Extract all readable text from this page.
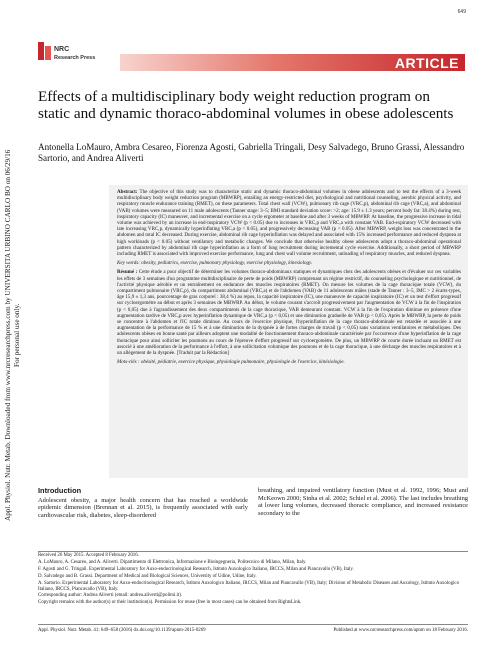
Appl. Physiol. Nutr. Metab. Downloaded from www.nrcresearchpress.com by UNIVERSITA URBINO CARLO BO on 06/29/16 For personal use only.
649
NRC
Research Press	ARTICLE
Effects of a multidisciplinary body weight reduction program on static and dynamic thoraco-abdominal volumes in obese adolescents
Antonella LoMauro, Ambra Cesareo, Fiorenza Agosti, Gabriella Tringali, Desy Salvadego, Bruno Grassi, Alessandro Sartorio, and Andrea Aliverti

Abstract: The objective of this study was to characterize static and dynamic thoraco-abdominal volumes in obese adolescents and to test the effects of a 3-week multidisciplinary body weight reduction program (MBWRP), entailing an energy-restricted diet, psychological and nutritional counseling, aerobic physical activity, and respiratory muscle endurance training (RMET), on these parameters. Total chest wall (VCW), pulmonary rib cage (VRC,p), abdominal rib cage (VRC,a), and abdominal (VAB) volumes were measured on 11 male adolescents (Tanner stage: 3–5; BMI standard deviation score: >2; age: 15.9 ± 1.3 years; percent body fat: 38.4%) during rest, inspiratory capacity (IC) maneuver, and incremental exercise on a cycle ergometer at baseline and after 3 weeks of MBWRP. At baseline, the progressive increase in tidal volume was achieved by an increase in end-inspiratory VCW (p < 0.05) due to increases in VRC,p and VRC,a with constant VAB. End-expiratory VCW decreased with late increasing VRC,p, dynamically hyperinflating VRC,a (p < 0.05), and progressively decreasing VAB (p < 0.05). After MBWRP, weight loss was concentrated in the abdomen and total IC decreased. During exercise, abdominal rib cage hyperinflation was delayed and associated with 15% increased performance and reduced dyspnea at high workloads (p < 0.05) without ventilatory and metabolic changes. We conclude that otherwise healthy obese adolescents adopt a thoraco-abdominal operational pattern characterized by abdominal rib cage hyperinflation as a form of lung recruitment during incremental cycle exercise. Additionally, a short period of MBWRP including RMET is associated with improved exercise performance, lung and chest wall volume recruitment, unloading of respiratory muscles, and reduced dyspnea.

Key words: obesity, pediatrics, exercise, pulmonary physiology, exercise physiology, kinesiology.

Résumé : Cette étude a pour objectif de déterminer les volumes thoraco-abdominaux statiques et dynamiques chez des adolescents obèses et d'évaluer sur ces variables les effets de 3 semaines d'un programme multidisciplinaire de perte de poids (MBWRP) comprenant un régime restrictif, du counseling psychologique et nutritionnel, de l'activité physique aérobie et un entraînement en endurance des muscles respiratoires (RMET). On mesure les volumes de la cage thoracique totale (VCW), du compartiment pulmonaire (VRC,p), du compartiment abdominal (VRC,a) et de l'abdomen (VAB) de 11 adolescents mâles (stade de Tanner : 3–5, IMC > 2 écarts-types, âge 15,9 ± 1,3 ans, pourcentage de gras corporel : 38,4 %) au repos, la capacité inspiratoire (IC), une manœuvre de capacité inspiratoire (IC) et un test d'effort progressif sur cycloergomètre au début et après 3 semaines de MBWRP. Au début, le volume courant s'accroît progressivement par l'augmentation de VCW à la fin de l'inspiration (p < 0,05) due à l'agrandissement des deux compartiments de la cage thoracique, VAB demeurant constant. VCW à la fin de l'expiration diminue en présence d'une augmentation tardive de VRC,p avec hyperinflation dynamique de VRC,a (p < 0,05) et une diminution graduelle de VAB (p < 0,05). Après le MBWRP, la perte de poids se concentre à l'abdomen et l'IC totale diminue. Au cours de l'exercice physique, l'hyperinflation de la cage thoraco-abdominale est retardée et associée à une augmentation de la performance de 15 % et à une diminution de la dyspnée à de fortes charges de travail (p < 0,05) sans variations ventilatoires et métaboliques. Des adolescents obèses en bonne santé par ailleurs adoptent une modalité de fonctionnement thoraco-abdominale caractérisée par l'occurrence d'une hyperinflation de la cage thoracique pour ainsi solliciter les poumons au cours de l'épreuve d'effort progressif sur cycloergomètre. De plus, un MBWRP de courte durée incluant un RMET est associé à une amélioration de la performance à l'effort, à une sollicitation volumique des poumons et de la cage thoracique, à une décharge des muscles respiratoires et à un allègement de la dyspnée. [Traduit par la Rédaction]

Mots-clés : obésité, pédiatrie, exercice physique, physiologie pulmonaire, physiologie de l'exercice, kinésiologie.

Introduction

Adolescent obesity, a major health concern that has reached a worldwide epidemic dimension (Brennan et al. 2015), is frequently associated with early cardiovascular risk, diabetes, sleep-disordered

breathing, and impaired ventilatory function (Must et al. 1992, 1996; Must and McKeown 2000; Sinha et al. 2002; Schiel et al. 2006). The last includes breathing at lower lung volumes, decreased thoracic compliance, and increased resistance secondary to the

Received 26 May 2015. Accepted 8 February 2016.

A. LoMauro, A. Cesareo, and A. Aliverti. Dipartimento di Elettronica, Informazione e Bioingegneria, Politecnico di Milano, Milan, Italy.

F. Agosti and G. Tringali. Experimental Laboratory for Auxo-endocrinological Research, Istituto Auxologico Italiano, IRCCS, Milan and Piancavallo (VB), Italy.

D. Salvadego and B. Grassi. Department of Medical and Biological Sciences, University of Udine, Udine, Italy.

A. Sartorio. Experimental Laboratory for Auxo-endocrinological Research, Istituto Auxologico Italiano, IRCCS, Milan and Piancavallo (VB), Italy; Division of Metabolic Diseases and Auxology, Istituto Auxologico Italiano, IRCCS, Piancavallo (VB), Italy.

Corresponding author: Andrea Aliverti (email: andrea.aliverti@polimi.it).

Copyright remains with the author(s) or their institution(s). Permission for reuse (free in most cases) can be obtained from RightsLink.

Appl. Physiol. Nutr. Metab. 41: 649–658 (2016) dx.doi.org/10.1139/apnm-2015-0269	Published at www.nrcresearchpress.com/apnm on 18 February 2016.
